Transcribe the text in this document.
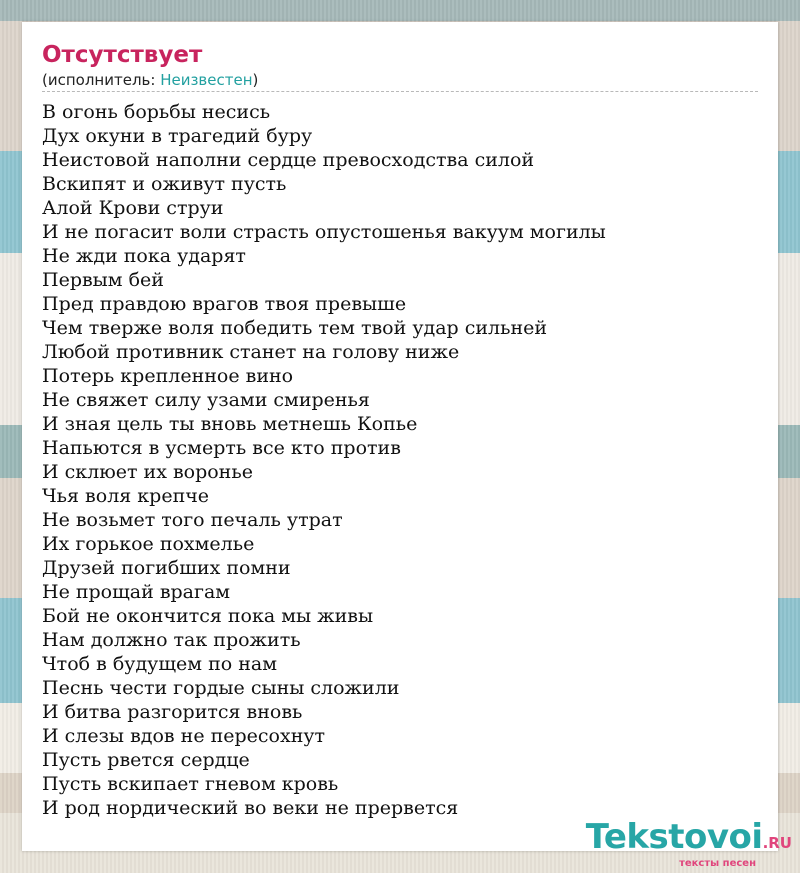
Отсутствует
(исполнитель: Неизвестен)
В огонь борьбы несись
Дух окуни в трагедий буру
Неистовой наполни сердце превосходства силой
Вскипят и оживут пусть
Алой Крови струи
И не погасит воли страсть опустошенья вакуум могилы
Не жди пока ударят
Первым бей
Пред правдою врагов твоя превыше
Чем тверже воля победить тем твой удар сильней
Любой противник станет на голову ниже
Потерь крепленное вино
Не свяжет силу узами смиренья
И зная цель ты вновь метнешь Копье
Напьются в усмерть все кто против
И склюет их воронье
Чья воля крепче
Не возьмет того печаль утрат
Их горькое похмелье
Друзей погибших помни
Не прощай врагам
Бой не окончится пока мы живы
Нам должно так прожить
Чтоб в будущем по нам
Песнь чести гордые сыны сложили
И битва разгорится вновь
И слезы вдов не пересохнут
Пусть рвется сердце
Пусть вскипает гневом кровь
И род нордический во веки не прервется
Tekstovoi.RU
тексты песен
